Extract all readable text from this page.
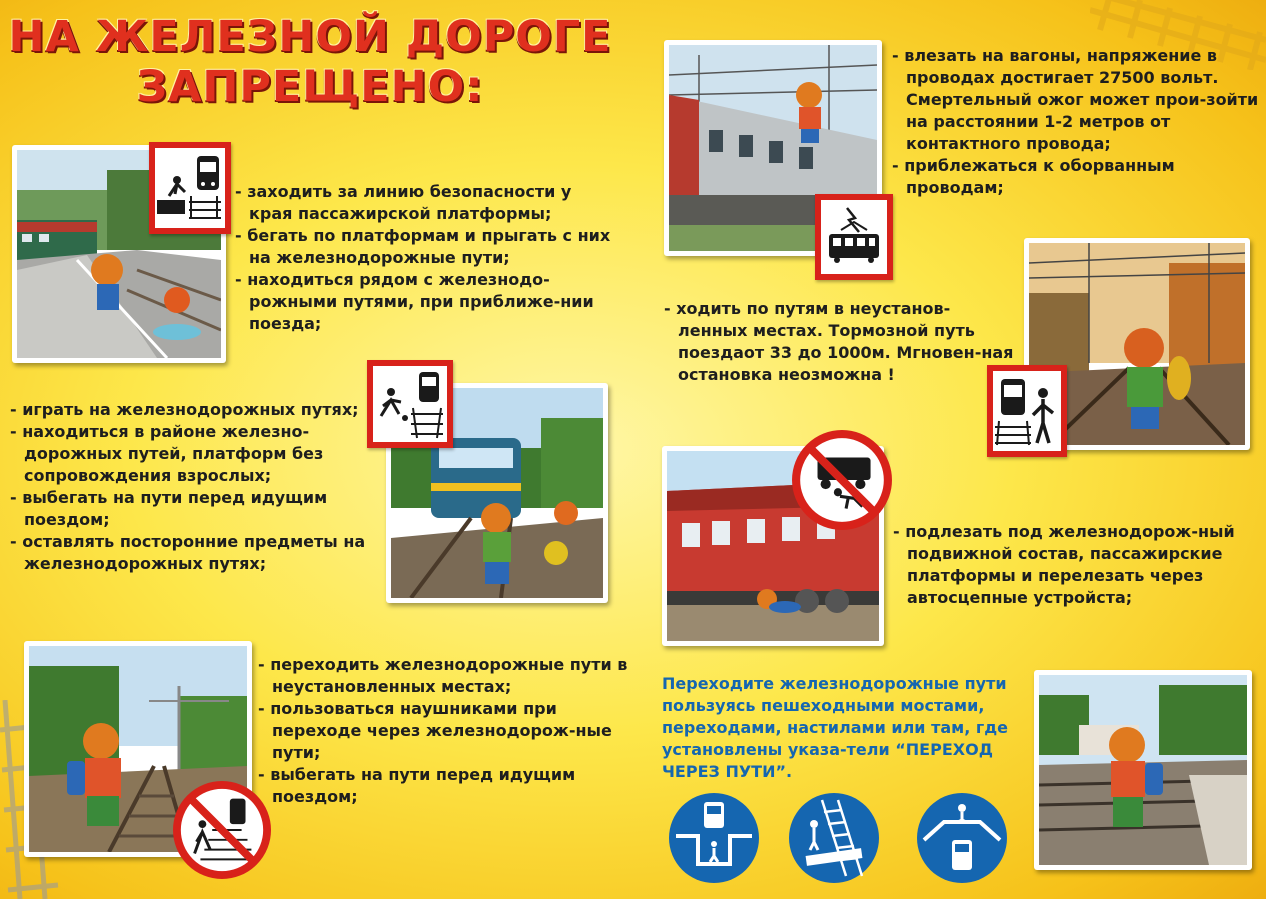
НА ЖЕЛЕЗНОЙ ДОРОГЕ
ЗАПРЕЩЕНО:
- заходить за линию безопасности у края пассажирской платформы;
- бегать по платформам и прыгать с них на железнодорожные пути;
- находиться рядом с железнодо-рожными путями, при приближе-нии поезда;
- играть на железнодорожных путях;
- находиться в районе железно-дорожных путей, платформ без сопровождения взрослых;
- выбегать на пути перед идущим поездом;
- оставлять посторонние предметы на железнодорожных путях;
- переходить железнодорожные пути в неустановленных местах;
- пользоваться наушниками при переходе через железнодорож-ные пути;
- выбегать на пути перед идущим поездом;
- влезать на вагоны, напряжение в проводах достигает 27500 вольт. Смертельный ожог может прои-зойти на расстоянии 1-2 метров от контактного провода;
- приблежаться к оборванным проводам;
- ходить по путям в неустанов-ленных местах. Тормозной путь поездаот 33 до 1000м. Мгновен-ная остановка неозможна !
- подлезать под железнодорож-ный подвижной состав, пассажирские платформы и перелезать через автосцепные устройста;
Переходите железнодорожные пути пользуясь пешеходными мостами, переходами, настилами или там, где установлены указа-тели “ПЕРЕХОД ЧЕРЕЗ ПУТИ”.
